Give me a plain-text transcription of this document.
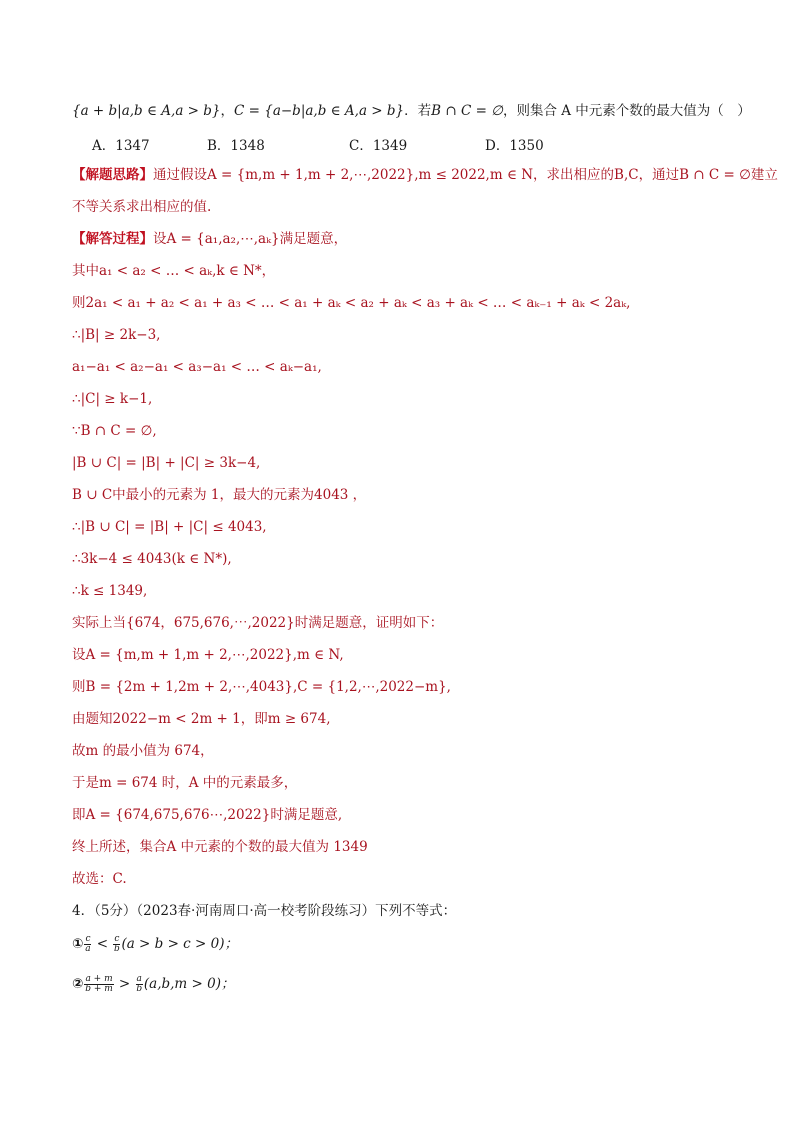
{a + b|a,b ∈ A,a > b}，C = {a−b|a,b ∈ A,a > b}．若B ∩ C = ∅，则集合 A 中元素个数的最大值为（　）
A．1347	B．1348	C．1349	D．1350
【解题思路】通过假设A = {m,m + 1,m + 2,⋯,2022},m ≤ 2022,m ∈ N，求出相应的B,C，通过B ∩ C = ∅建立
不等关系求出相应的值.
【解答过程】设A = {a₁,a₂,⋯,aₖ}满足题意，
其中a₁ < a₂ < … < aₖ,k ∈ N*，
则2a₁ < a₁ + a₂ < a₁ + a₃ < … < a₁ + aₖ < a₂ + aₖ < a₃ + aₖ < … < aₖ₋₁ + aₖ < 2aₖ,
∴|B| ≥ 2k−3,
a₁−a₁ < a₂−a₁ < a₃−a₁ < … < aₖ−a₁,
∴|C| ≥ k−1,
∵B ∩ C = ∅,
|B ∪ C| = |B| + |C| ≥ 3k−4,
B ∪ C中最小的元素为 1，最大的元素为4043 ，
∴|B ∪ C| = |B| + |C| ≤ 4043,
∴3k−4 ≤ 4043(k ∈ N*),
∴k ≤ 1349,
实际上当{674，675,676,⋯,2022}时满足题意，证明如下：
设A = {m,m + 1,m + 2,⋯,2022},m ∈ N,
则B = {2m + 1,2m + 2,⋯,4043},C = {1,2,⋯,2022−m},
由题知2022−m < 2m + 1，即m ≥ 674,
故m 的最小值为 674，
于是m = 674 时，A 中的元素最多，
即A = {674,675,676⋯,2022}时满足题意,
终上所述，集合A 中元素的个数的最大值为 1349
故选：C.
4．（5分）（2023春·河南周口·高一校考阶段练习）下列不等式：
① $\frac{c}{a} < \frac{c}{b} (a > b > c > 0)$；
② $\frac{a + m}{b + m} > \frac{a}{b} (a,b,m > 0)$；
